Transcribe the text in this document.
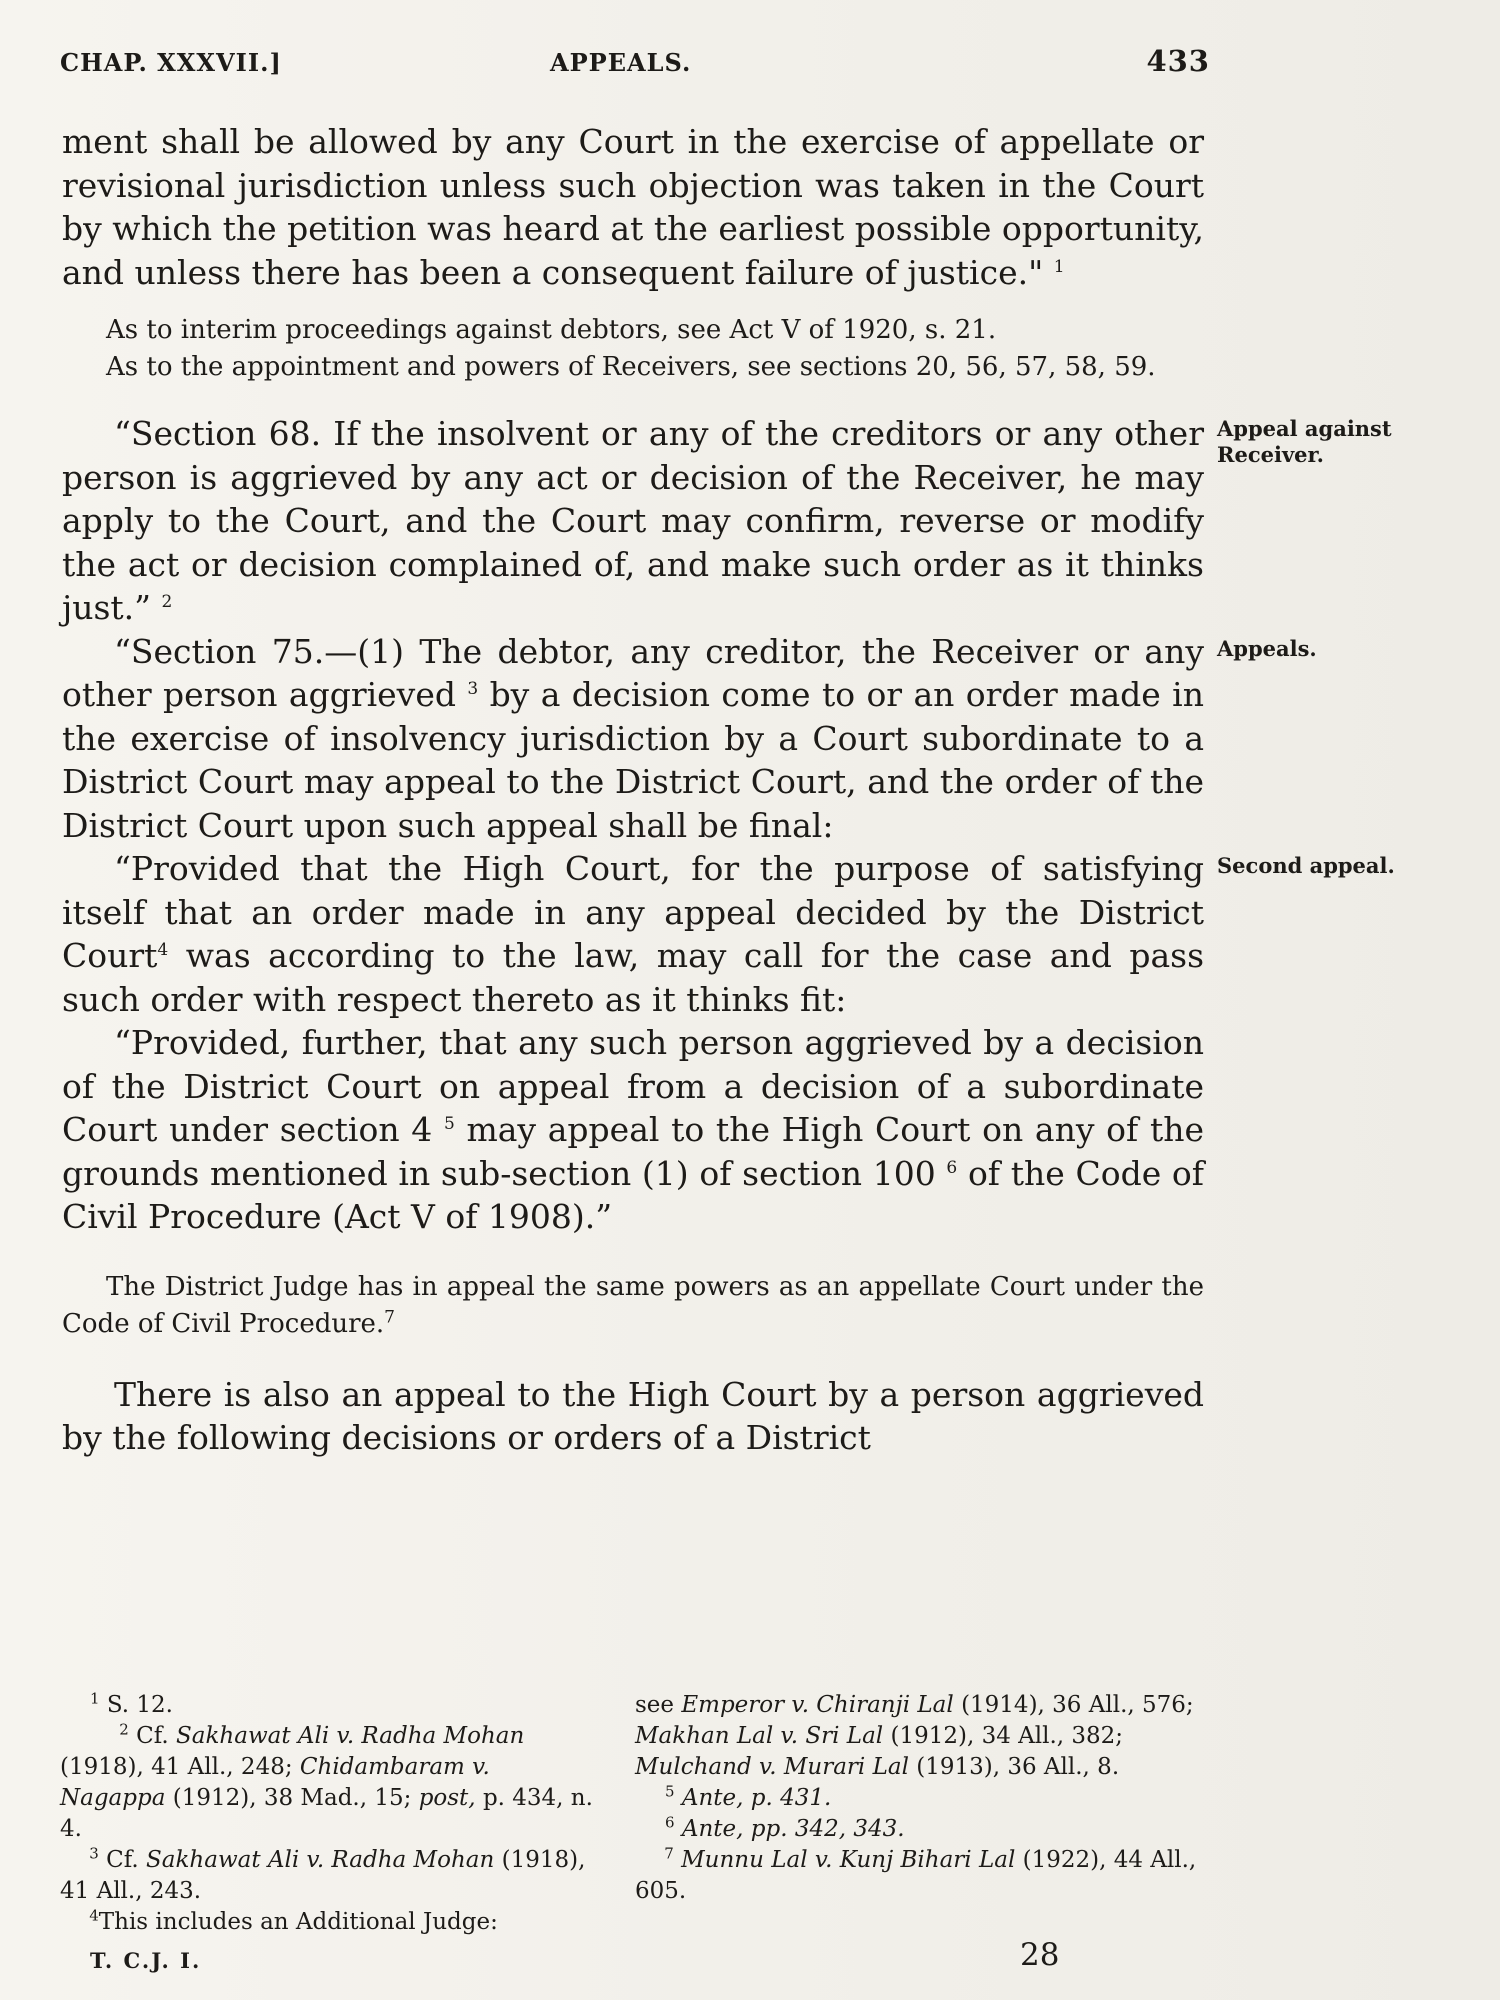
CHAP. XXXVII.]	APPEALS.	433

ment shall be allowed by any Court in the exercise of appellate or revisional jurisdiction unless such objection was taken in the Court by which the petition was heard at the earliest possible opportunity, and unless there has been a consequent failure of justice." $^1$

As to interim proceedings against debtors, see Act V of 1920, s. 21.

As to the appointment and powers of Receivers, see sections 20, 56, 57, 58, 59.

Appeal against Receiver.

“Section 68. If the insolvent or any of the creditors or any other person is aggrieved by any act or decision of the Receiver, he may apply to the Court, and the Court may confirm, reverse or modify the act or decision complained of, and make such order as it thinks just.” $^2$

Appeals.

“Section 75.—(1) The debtor, any creditor, the Receiver or any other person aggrieved $^3$ by a decision come to or an order made in the exercise of insolvency jurisdiction by a Court subordinate to a District Court may appeal to the District Court, and the order of the District Court upon such appeal shall be final:

Second appeal.

“Provided that the High Court, for the purpose of satisfying itself that an order made in any appeal decided by the District Court$^4$ was according to the law, may call for the case and pass such order with respect thereto as it thinks fit:

“Provided, further, that any such person aggrieved by a decision of the District Court on appeal from a decision of a subordinate Court under section 4 $^5$ may appeal to the High Court on any of the grounds mentioned in sub-section (1) of section 100 $^6$ of the Code of Civil Procedure (Act V of 1908).”

The District Judge has in appeal the same powers as an appellate Court under the Code of Civil Procedure.$^7$

There is also an appeal to the High Court by a person aggrieved by the following decisions or orders of a District

$^1$ S. 12.

$^2$ Cf. Sakhawat Ali v. Radha Mohan (1918), 41 All., 248; Chidambaram v. Nagappa (1912), 38 Mad., 15; post, p. 434, n. 4.

$^3$ Cf. Sakhawat Ali v. Radha Mohan (1918), 41 All., 243.

$^4$This includes an Additional Judge:

see Emperor v. Chiranji Lal (1914), 36 All., 576; Makhan Lal v. Sri Lal (1912), 34 All., 382; Mulchand v. Murari Lal (1913), 36 All., 8.

$^5$ Ante, p. 431.

$^6$ Ante, pp. 342, 343.

$^7$ Munnu Lal v. Kunj Bihari Lal (1922), 44 All., 605.

T. C.J. I.	28
